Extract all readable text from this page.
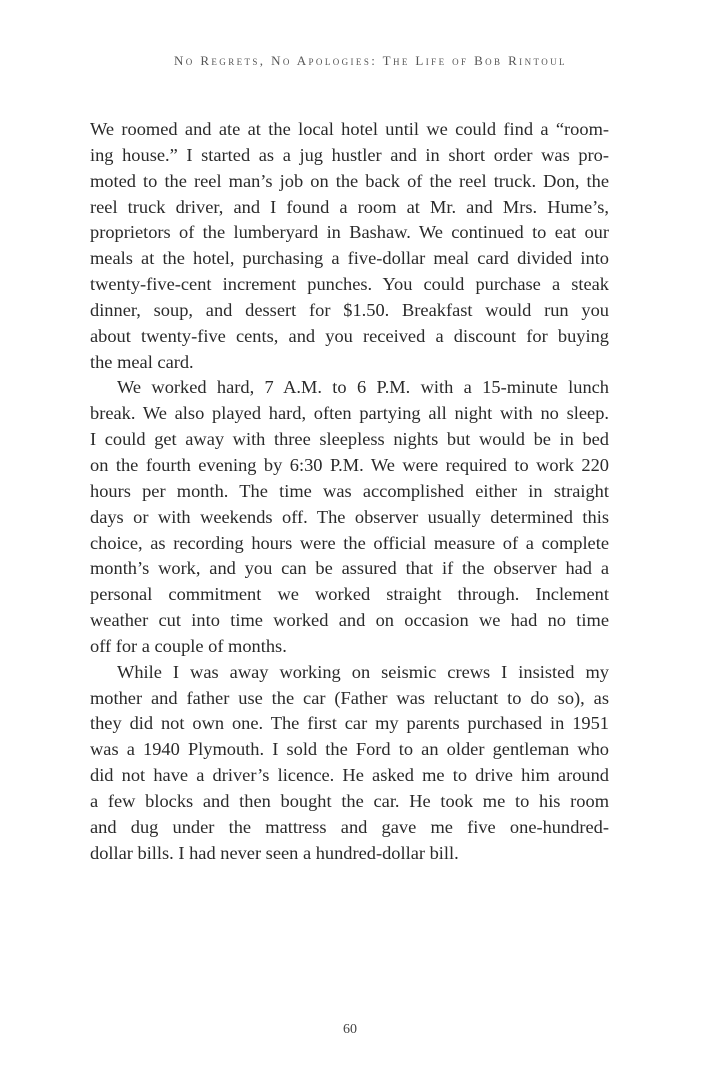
No Regrets, No Apologies: The Life of Bob Rintoul
We roomed and ate at the local hotel until we could find a “room-
ing house.” I started as a jug hustler and in short order was pro-
moted to the reel man’s job on the back of the reel truck. Don, the
reel truck driver, and I found a room at Mr. and Mrs. Hume’s,
proprietors of the lumberyard in Bashaw. We continued to eat our
meals at the hotel, purchasing a five-dollar meal card divided into
twenty-five-cent increment punches. You could purchase a steak
dinner, soup, and dessert for $1.50. Breakfast would run you
about twenty-five cents, and you received a discount for buying
the meal card.
We worked hard, 7 A.M. to 6 P.M. with a 15-minute lunch
break. We also played hard, often partying all night with no sleep.
I could get away with three sleepless nights but would be in bed
on the fourth evening by 6:30 P.M. We were required to work 220
hours per month. The time was accomplished either in straight
days or with weekends off. The observer usually determined this
choice, as recording hours were the official measure of a complete
month’s work, and you can be assured that if the observer had a
personal commitment we worked straight through. Inclement
weather cut into time worked and on occasion we had no time
off for a couple of months.
While I was away working on seismic crews I insisted my
mother and father use the car (Father was reluctant to do so), as
they did not own one. The first car my parents purchased in 1951
was a 1940 Plymouth. I sold the Ford to an older gentleman who
did not have a driver’s licence. He asked me to drive him around
a few blocks and then bought the car. He took me to his room
and dug under the mattress and gave me five one-hundred-
dollar bills. I had never seen a hundred-dollar bill.
60
